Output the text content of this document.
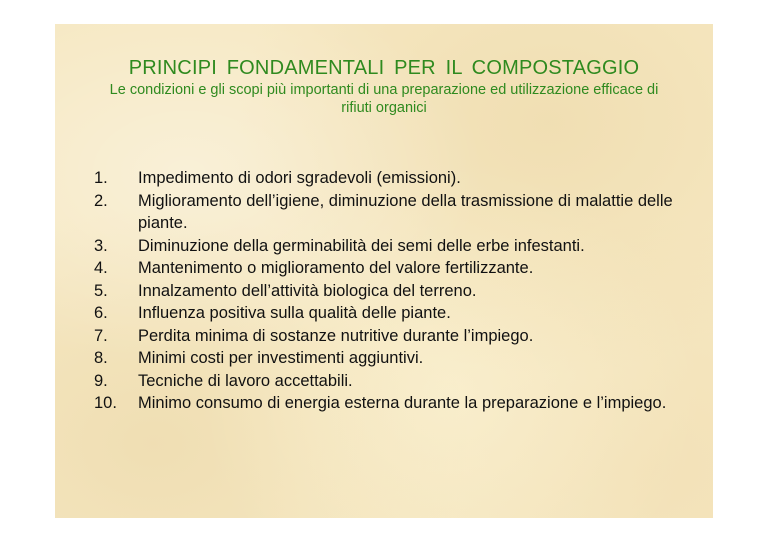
PRINCIPI FONDAMENTALI PER IL COMPOSTAGGIO

Le condizioni e gli scopi più importanti di una preparazione ed utilizzazione efficace di rifiuti organici

1.	Impedimento di odori sgradevoli (emissioni).
2.	Miglioramento dell’igiene, diminuzione della trasmissione di malattie delle piante.
3.	Diminuzione della germinabilità dei semi delle erbe infestanti.
4.	Mantenimento o miglioramento del valore fertilizzante.
5.	Innalzamento dell’attività biologica del terreno.
6.	Influenza positiva sulla qualità delle piante.
7.	Perdita minima di sostanze nutritive durante l’impiego.
8.	Minimi costi per investimenti aggiuntivi.
9.	Tecniche di lavoro accettabili.
10.	Minimo consumo di energia esterna durante la preparazione e l’impiego.
